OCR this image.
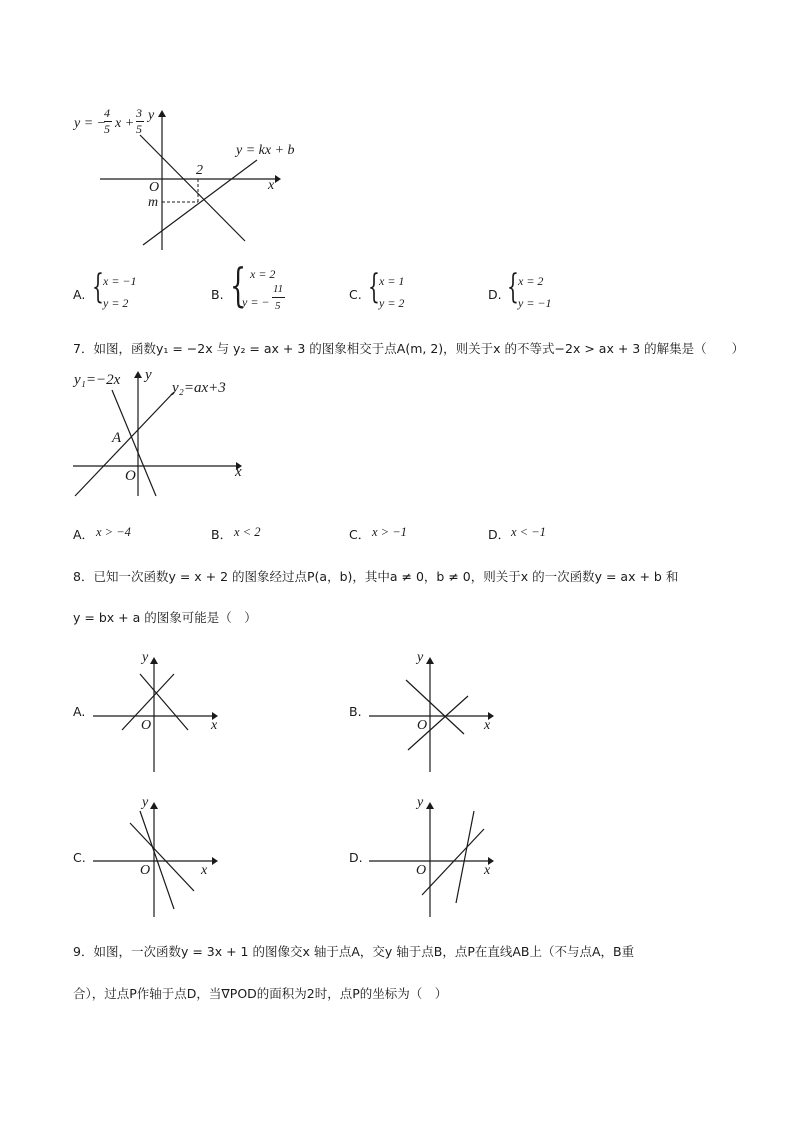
y = −
4
5 x +
3
5
y
y = kx + b
2
x
O
m
A. { x = −1
y = 2
B. { x = 2
y = −
11
5
C. { x = 1
y = 2
D. { x = 2
y = −1
7．如图，函数y₁ = −2x 与 y₂ = ax + 3 的图象相交于点A(m, 2)，则关于x 的不等式−2x > ax + 3 的解集是（　　）
y₁=−2x y
y₂=ax+3
A
x
O
A． x > −4	B． x < 2	C． x > −1	D． x < −1
8．已知一次函数y = x + 2 的图象经过点P(a，b)，其中a ≠ 0，b ≠ 0，则关于x 的一次函数y = ax + b 和
y = bx + a 的图象可能是（　）
A.
y
x
O
B.
y
x
O
C.
y
x
O
D.
y
x
O
9．如图，一次函数y = 3x + 1 的图像交x 轴于点A，交y 轴于点B，点P在直线AB上（不与点A，B重
合），过点P作轴于点D，当∇POD的面积为2时，点P的坐标为（　）
